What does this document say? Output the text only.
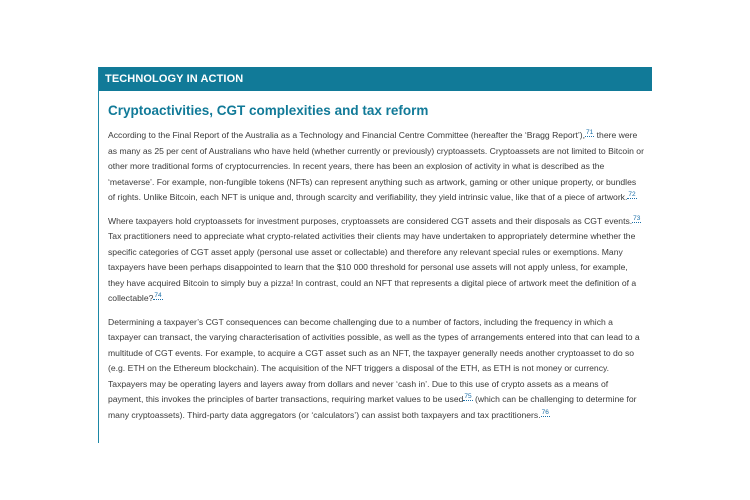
TECHNOLOGY IN ACTION
Cryptoactivities, CGT complexities and tax reform

According to the Final Report of the Australia as a Technology and Financial Centre Committee (hereafter the ‘Bragg Report’),$^{71}$ there were as many as 25 per cent of Australians who have held (whether currently or previously) cryptoassets. Cryptoassets are not limited to Bitcoin or other more traditional forms of cryptocurrencies. In recent years, there has been an explosion of activity in what is described as the ‘metaverse’. For example, non-fungible tokens (NFTs) can represent anything such as artwork, gaming or other unique property, or bundles of rights. Unlike Bitcoin, each NFT is unique and, through scarcity and verifiability, they yield intrinsic value, like that of a piece of artwork.$^{72}$

Where taxpayers hold cryptoassets for investment purposes, cryptoassets are considered CGT assets and their disposals as CGT events.$^{73}$ Tax practitioners need to appreciate what crypto-related activities their clients may have undertaken to appropriately determine whether the specific categories of CGT asset apply (personal use asset or collectable) and therefore any relevant special rules or exemptions. Many taxpayers have been perhaps disappointed to learn that the $10 000 threshold for personal use assets will not apply unless, for example, they have acquired Bitcoin to simply buy a pizza! In contrast, could an NFT that represents a digital piece of artwork meet the definition of a collectable?$^{74}$

Determining a taxpayer’s CGT consequences can become challenging due to a number of factors, including the frequency in which a taxpayer can transact, the varying characterisation of activities possible, as well as the types of arrangements entered into that can lead to a multitude of CGT events. For example, to acquire a CGT asset such as an NFT, the taxpayer generally needs another cryptoasset to do so (e.g. ETH on the Ethereum blockchain). The acquisition of the NFT triggers a disposal of the ETH, as ETH is not money or currency. Taxpayers may be operating layers and layers away from dollars and never ‘cash in’. Due to this use of crypto assets as a means of payment, this invokes the principles of barter transactions, requiring market values to be used$^{75}$ (which can be challenging to determine for many cryptoassets). Third-party data aggregators (or ‘calculators’) can assist both taxpayers and tax practitioners.$^{76}$
